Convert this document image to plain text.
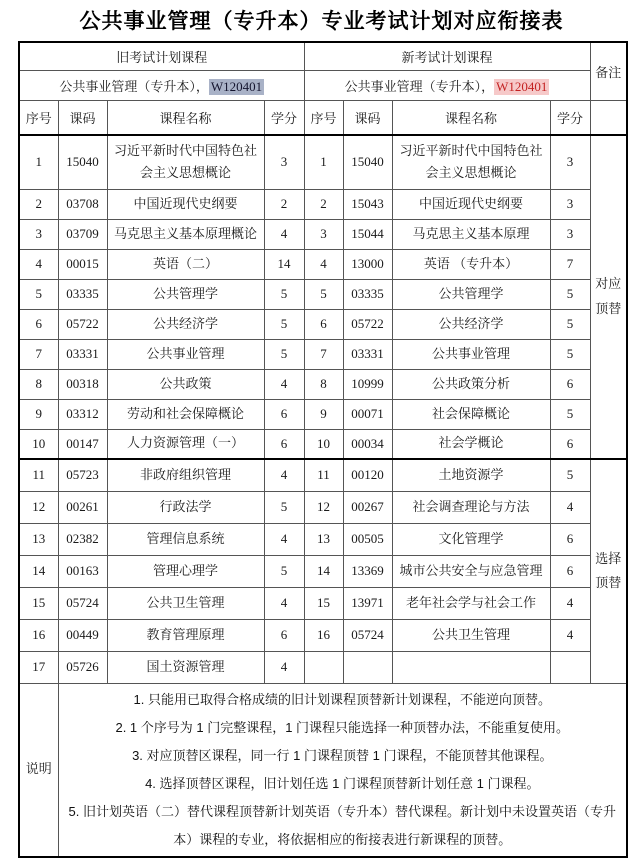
公共事业管理（专升本）专业考试计划对应衔接表
旧考试计划课程				新考试计划课程				备注
公共事业管理（专升本）， W120401				公共事业管理（专升本）， W120401				
序号	课码	课程名称	学分	序号	课码	课程名称	学分	
1	15040	习近平新时代中国特色社会主义思想概论	3	1	15040	习近平新时代中国特色社会主义思想概论	3	对应顶替
2	03708	中国近现代史纲要	2	2	15043	中国近现代史纲要	3	
3	03709	马克思主义基本原理概论	4	3	15044	马克思主义基本原理	3	
4	00015	英语（二）	14	4	13000	英语 （专升本）	7	
5	03335	公共管理学	5	5	03335	公共管理学	5	
6	05722	公共经济学	5	6	05722	公共经济学	5	
7	03331	公共事业管理	5	7	03331	公共事业管理	5	
8	00318	公共政策	4	8	10999	公共政策分析	6	
9	03312	劳动和社会保障概论	6	9	00071	社会保障概论	5	
10	00147	人力资源管理（一）	6	10	00034	社会学概论	6	
11	05723	非政府组织管理	4	11	00120	土地资源学	5	选择顶替
12	00261	行政法学	5	12	00267	社会调查理论与方法	4	
13	02382	管理信息系统	4	13	00505	文化管理学	6	
14	00163	管理心理学	5	14	13369	城市公共安全与应急管理	6	
15	05724	公共卫生管理	4	15	13971	老年社会学与社会工作	4	
16	00449	教育管理原理	6	16	05724	公共卫生管理	4	
17	05726	国土资源管理	4					
说明	1. 只能用已取得合格成绩的旧计划课程顶替新计划课程，不能逆向顶替。
2. 1 个序号为 1 门完整课程，1 门课程只能选择一种顶替办法，不能重复使用。
3. 对应顶替区课程，同一行 1 门课程顶替 1 门课程，不能顶替其他课程。
4. 选择顶替区课程，旧计划任选 1 门课程顶替新计划任意 1 门课程。
5. 旧计划英语（二）替代课程顶替新计划英语（专升本）替代课程。新计划中未设置英语（专升本）课程的专业，将依据相应的衔接表进行新课程的顶替。							
